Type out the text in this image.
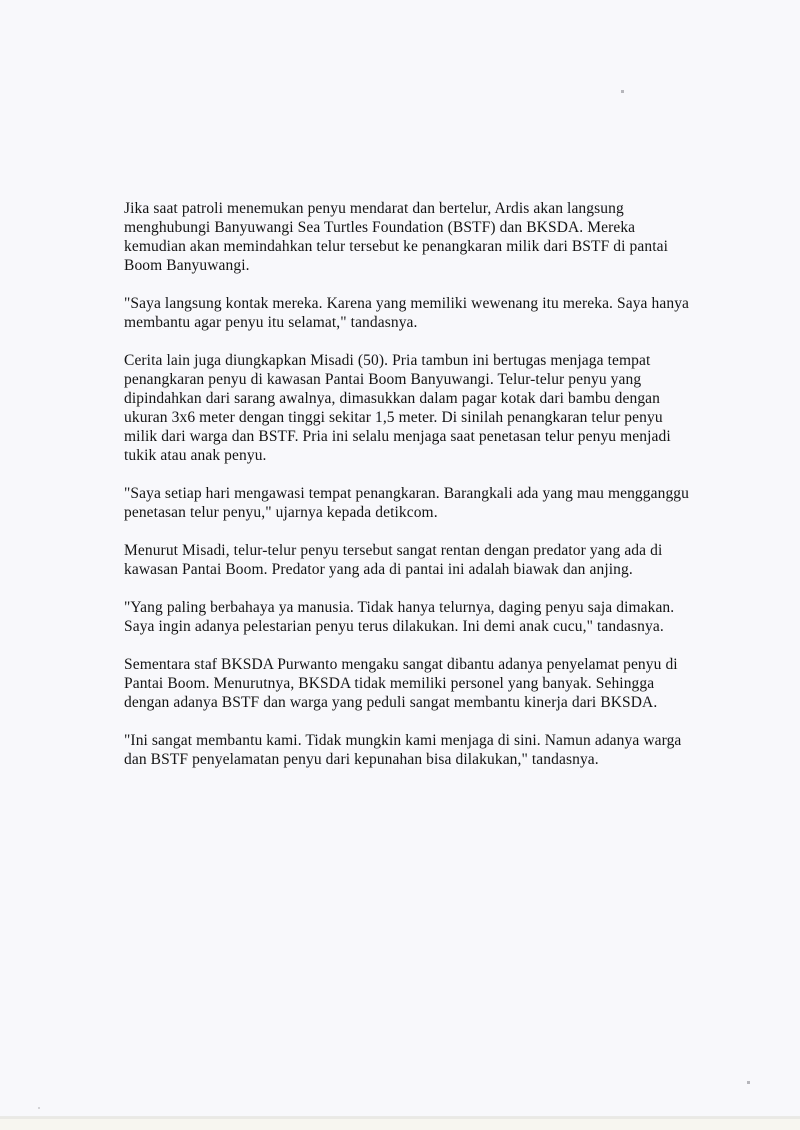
Jika saat patroli menemukan penyu mendarat dan bertelur, Ardis akan langsung menghubungi Banyuwangi Sea Turtles Foundation (BSTF) dan BKSDA. Mereka kemudian akan memindahkan telur tersebut ke penangkaran milik dari BSTF di pantai Boom Banyuwangi.

"Saya langsung kontak mereka. Karena yang memiliki wewenang itu mereka. Saya hanya membantu agar penyu itu selamat," tandasnya.

Cerita lain juga diungkapkan Misadi (50). Pria tambun ini bertugas menjaga tempat penangkaran penyu di kawasan Pantai Boom Banyuwangi. Telur-telur penyu yang dipindahkan dari sarang awalnya, dimasukkan dalam pagar kotak dari bambu dengan ukuran 3x6 meter dengan tinggi sekitar 1,5 meter. Di sinilah penangkaran telur penyu milik dari warga dan BSTF. Pria ini selalu menjaga saat penetasan telur penyu menjadi tukik atau anak penyu.

"Saya setiap hari mengawasi tempat penangkaran. Barangkali ada yang mau mengganggu penetasan telur penyu," ujarnya kepada detikcom.

Menurut Misadi, telur-telur penyu tersebut sangat rentan dengan predator yang ada di kawasan Pantai Boom. Predator yang ada di pantai ini adalah biawak dan anjing.

"Yang paling berbahaya ya manusia. Tidak hanya telurnya, daging penyu saja dimakan. Saya ingin adanya pelestarian penyu terus dilakukan. Ini demi anak cucu," tandasnya.

Sementara staf BKSDA Purwanto mengaku sangat dibantu adanya penyelamat penyu di Pantai Boom. Menurutnya, BKSDA tidak memiliki personel yang banyak. Sehingga dengan adanya BSTF dan warga yang peduli sangat membantu kinerja dari BKSDA.

"Ini sangat membantu kami. Tidak mungkin kami menjaga di sini. Namun adanya warga dan BSTF penyelamatan penyu dari kepunahan bisa dilakukan," tandasnya.
